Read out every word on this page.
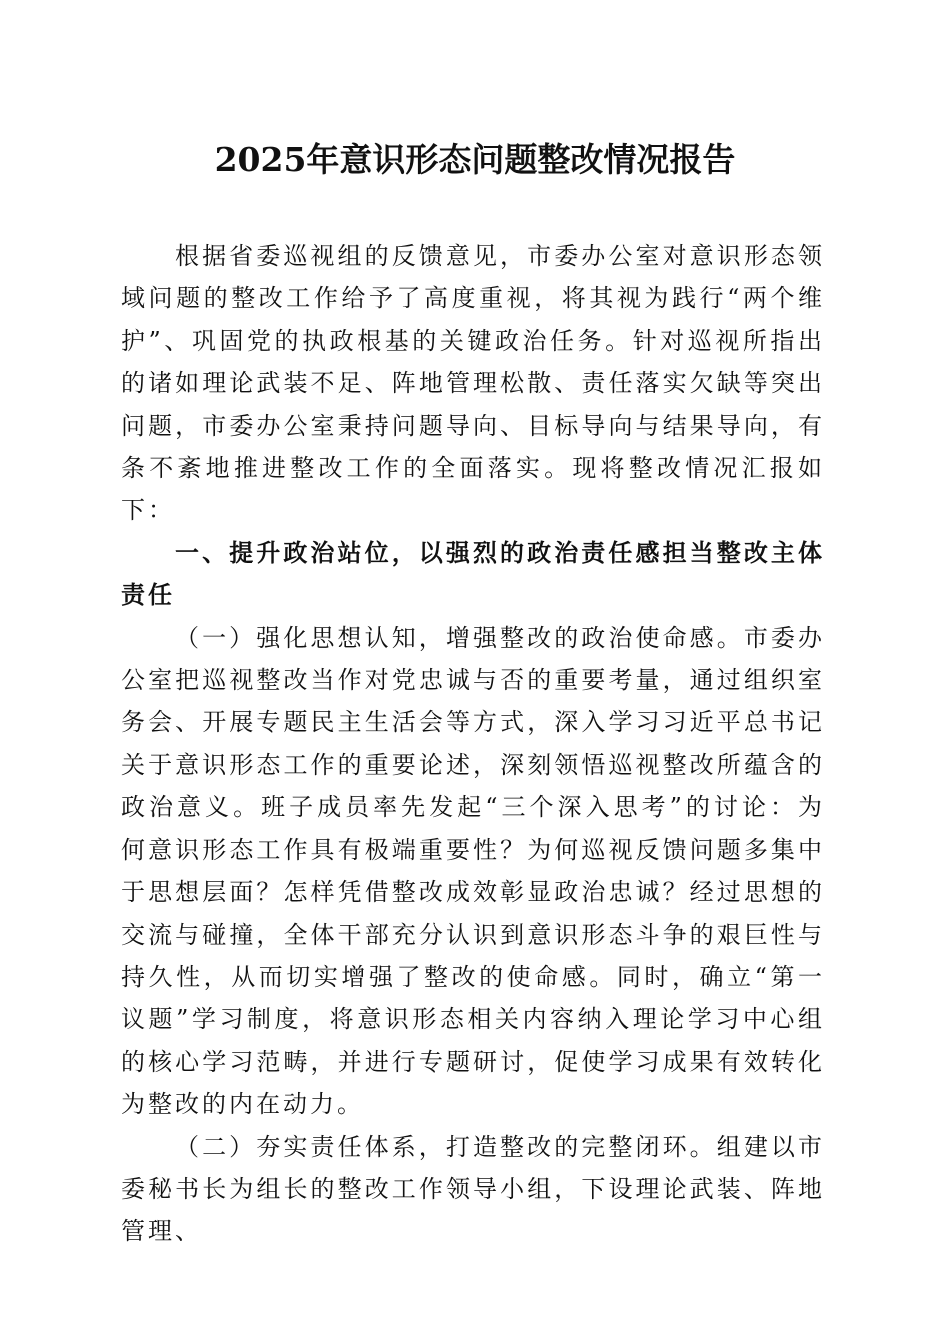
2025年意识形态问题整改情况报告

根据省委巡视组的反馈意见，市委办公室对意识形态领域问题的整改工作给予了高度重视，将其视为践行“两个维护”、巩固党的执政根基的关键政治任务。针对巡视所指出的诸如理论武装不足、阵地管理松散、责任落实欠缺等突出问题，市委办公室秉持问题导向、目标导向与结果导向，有条不紊地推进整改工作的全面落实。现将整改情况汇报如下：

一、提升政治站位，以强烈的政治责任感担当整改主体责任

（一）强化思想认知，增强整改的政治使命感。市委办公室把巡视整改当作对党忠诚与否的重要考量，通过组织室务会、开展专题民主生活会等方式，深入学习习近平总书记关于意识形态工作的重要论述，深刻领悟巡视整改所蕴含的政治意义。班子成员率先发起“三个深入思考”的讨论：为何意识形态工作具有极端重要性？为何巡视反馈问题多集中于思想层面？怎样凭借整改成效彰显政治忠诚？经过思想的交流与碰撞，全体干部充分认识到意识形态斗争的艰巨性与持久性，从而切实增强了整改的使命感。同时，确立“第一议题”学习制度，将意识形态相关内容纳入理论学习中心组的核心学习范畴，并进行专题研讨，促使学习成果有效转化为整改的内在动力。

（二）夯实责任体系，打造整改的完整闭环。组建以市委秘书长为组长的整改工作领导小组，下设理论武装、阵地管理、
